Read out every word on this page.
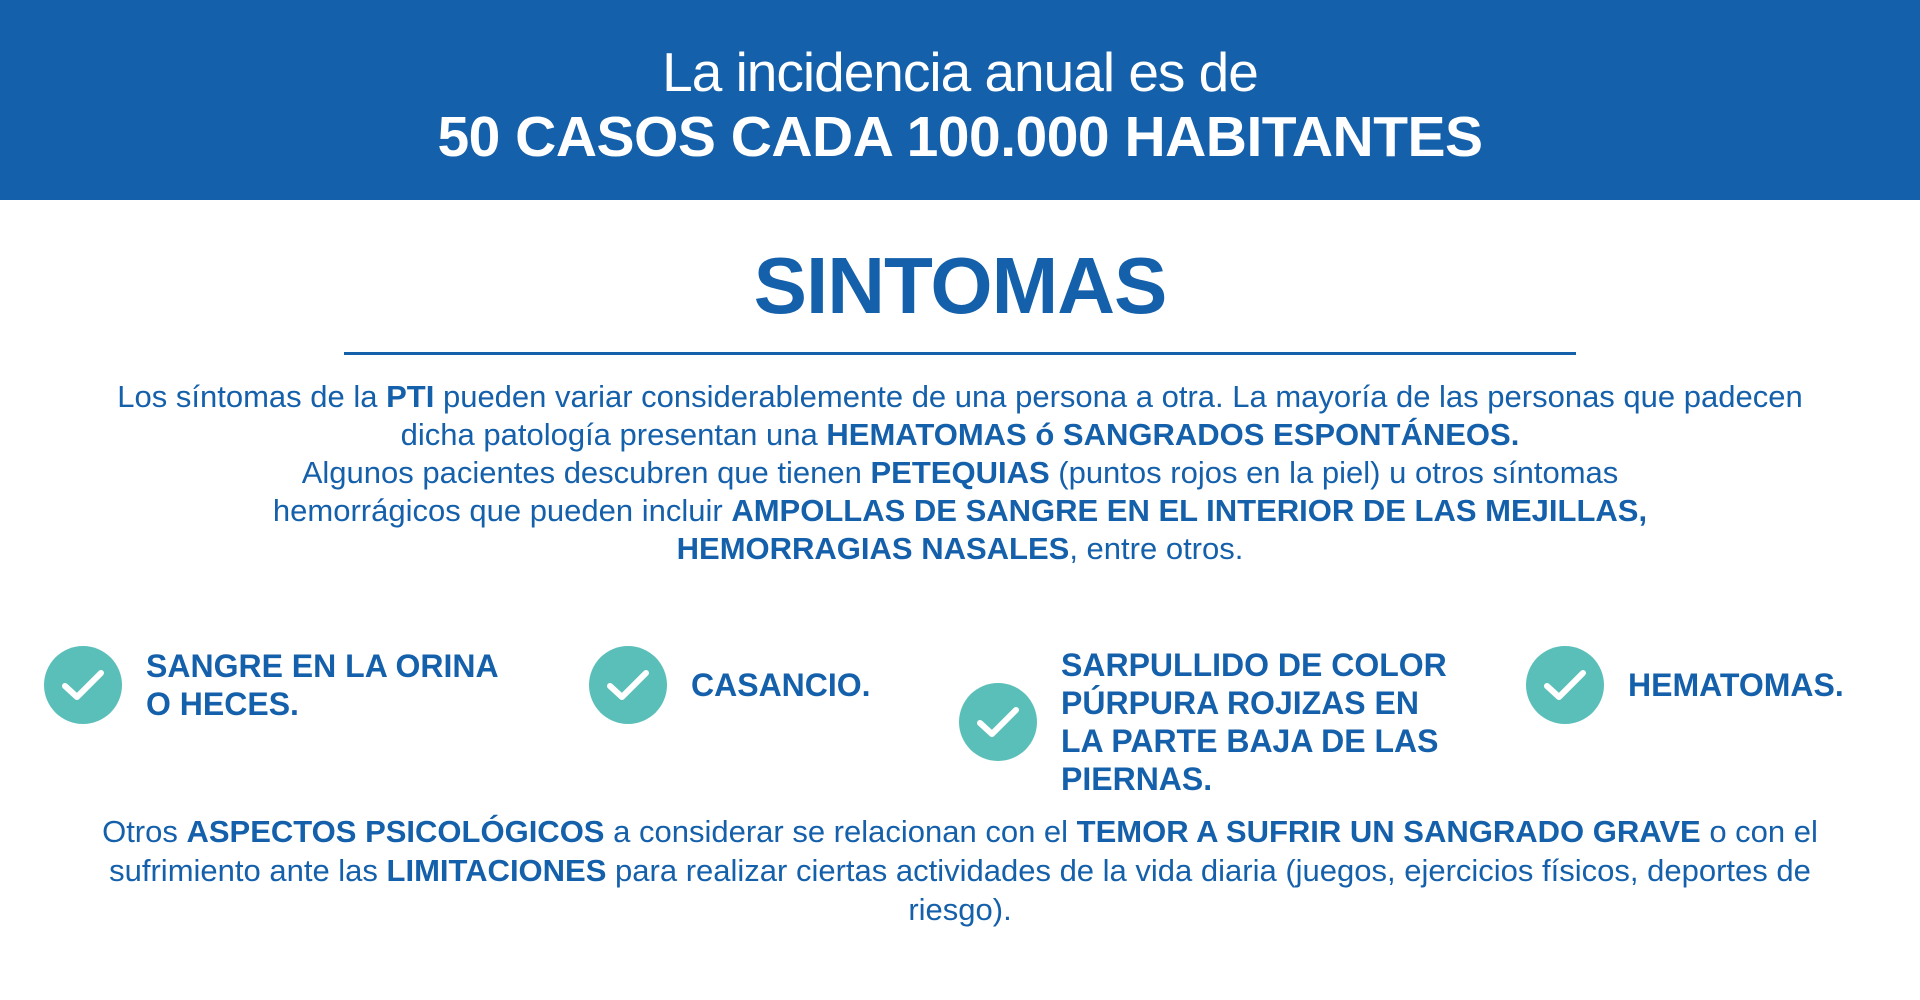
La incidencia anual es de
50 CASOS CADA 100.000 HABITANTES
SINTOMAS
Los síntomas de la PTI pueden variar considerablemente de una persona a otra. La mayoría de las personas que padecen dicha patología presentan una HEMATOMAS ó SANGRADOS ESPONTÁNEOS.
Algunos pacientes descubren que tienen PETEQUIAS (puntos rojos en la piel) u otros síntomas hemorrágicos que pueden incluir AMPOLLAS DE SANGRE EN EL INTERIOR DE LAS MEJILLAS, HEMORRAGIAS NASALES, entre otros.
SANGRE EN LA ORINA O HECES.
CASANCIO.
SARPULLIDO DE COLOR PÚRPURA ROJIZAS EN LA PARTE BAJA DE LAS PIERNAS.
HEMATOMAS.
Otros ASPECTOS PSICOLÓGICOS a considerar se relacionan con el TEMOR A SUFRIR UN SANGRADO GRAVE o con el sufrimiento ante las LIMITACIONES para realizar ciertas actividades de la vida diaria (juegos, ejercicios físicos, deportes de riesgo).
